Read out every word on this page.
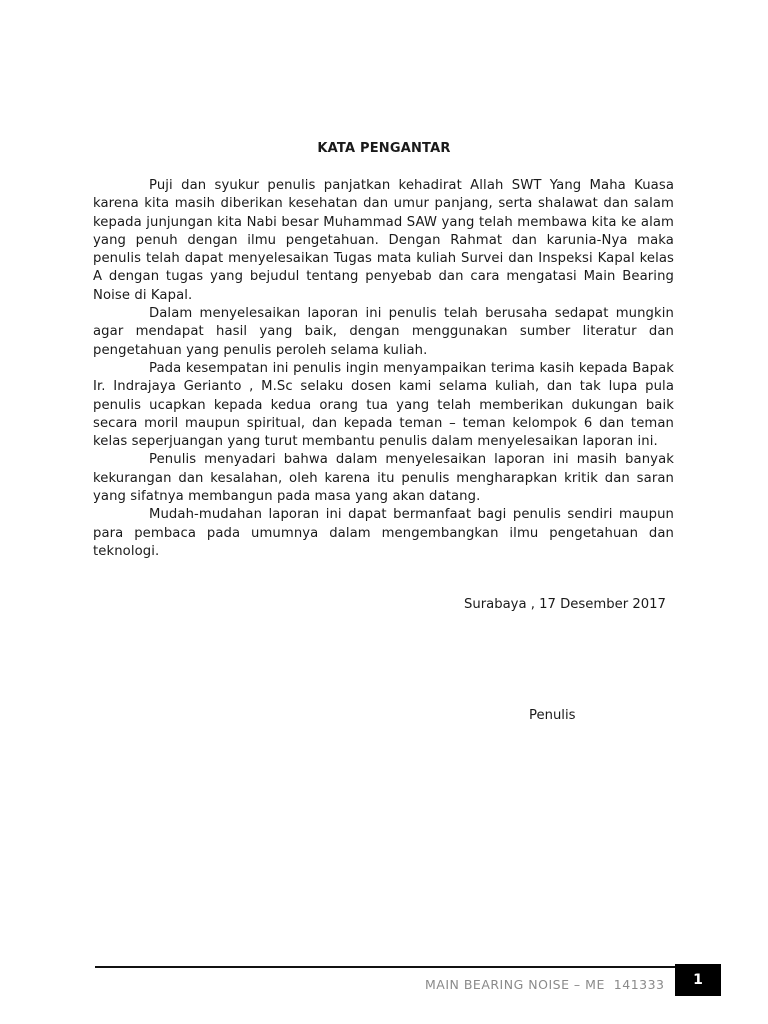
KATA PENGANTAR

Puji dan syukur penulis panjatkan kehadirat Allah SWT Yang Maha Kuasa karena kita masih diberikan kesehatan dan umur panjang, serta shalawat dan salam kepada junjungan kita Nabi besar Muhammad SAW yang telah membawa kita ke alam yang penuh dengan ilmu pengetahuan. Dengan Rahmat dan karunia-Nya maka penulis telah dapat menyelesaikan Tugas mata kuliah Survei dan Inspeksi Kapal kelas A dengan tugas yang bejudul tentang penyebab dan cara mengatasi Main Bearing Noise di Kapal.

Dalam menyelesaikan laporan ini penulis telah berusaha sedapat mungkin agar mendapat hasil yang baik, dengan menggunakan sumber literatur dan pengetahuan yang penulis peroleh selama kuliah.

Pada kesempatan ini penulis ingin menyampaikan terima kasih kepada Bapak Ir. Indrajaya Gerianto , M.Sc selaku dosen kami selama kuliah, dan tak lupa pula penulis ucapkan kepada kedua orang tua yang telah memberikan dukungan baik secara moril maupun spiritual, dan kepada teman – teman kelompok 6 dan teman kelas seperjuangan yang turut membantu penulis dalam menyelesaikan laporan ini.

Penulis menyadari bahwa dalam menyelesaikan laporan ini masih banyak kekurangan dan kesalahan, oleh karena itu penulis mengharapkan kritik dan saran yang sifatnya membangun pada masa yang akan datang.

Mudah-mudahan laporan ini dapat bermanfaat bagi penulis sendiri maupun para pembaca pada umumnya dalam mengembangkan ilmu pengetahuan dan teknologi.

Surabaya , 17 Desember 2017
Penulis
MAIN BEARING NOISE – ME  141333 1
